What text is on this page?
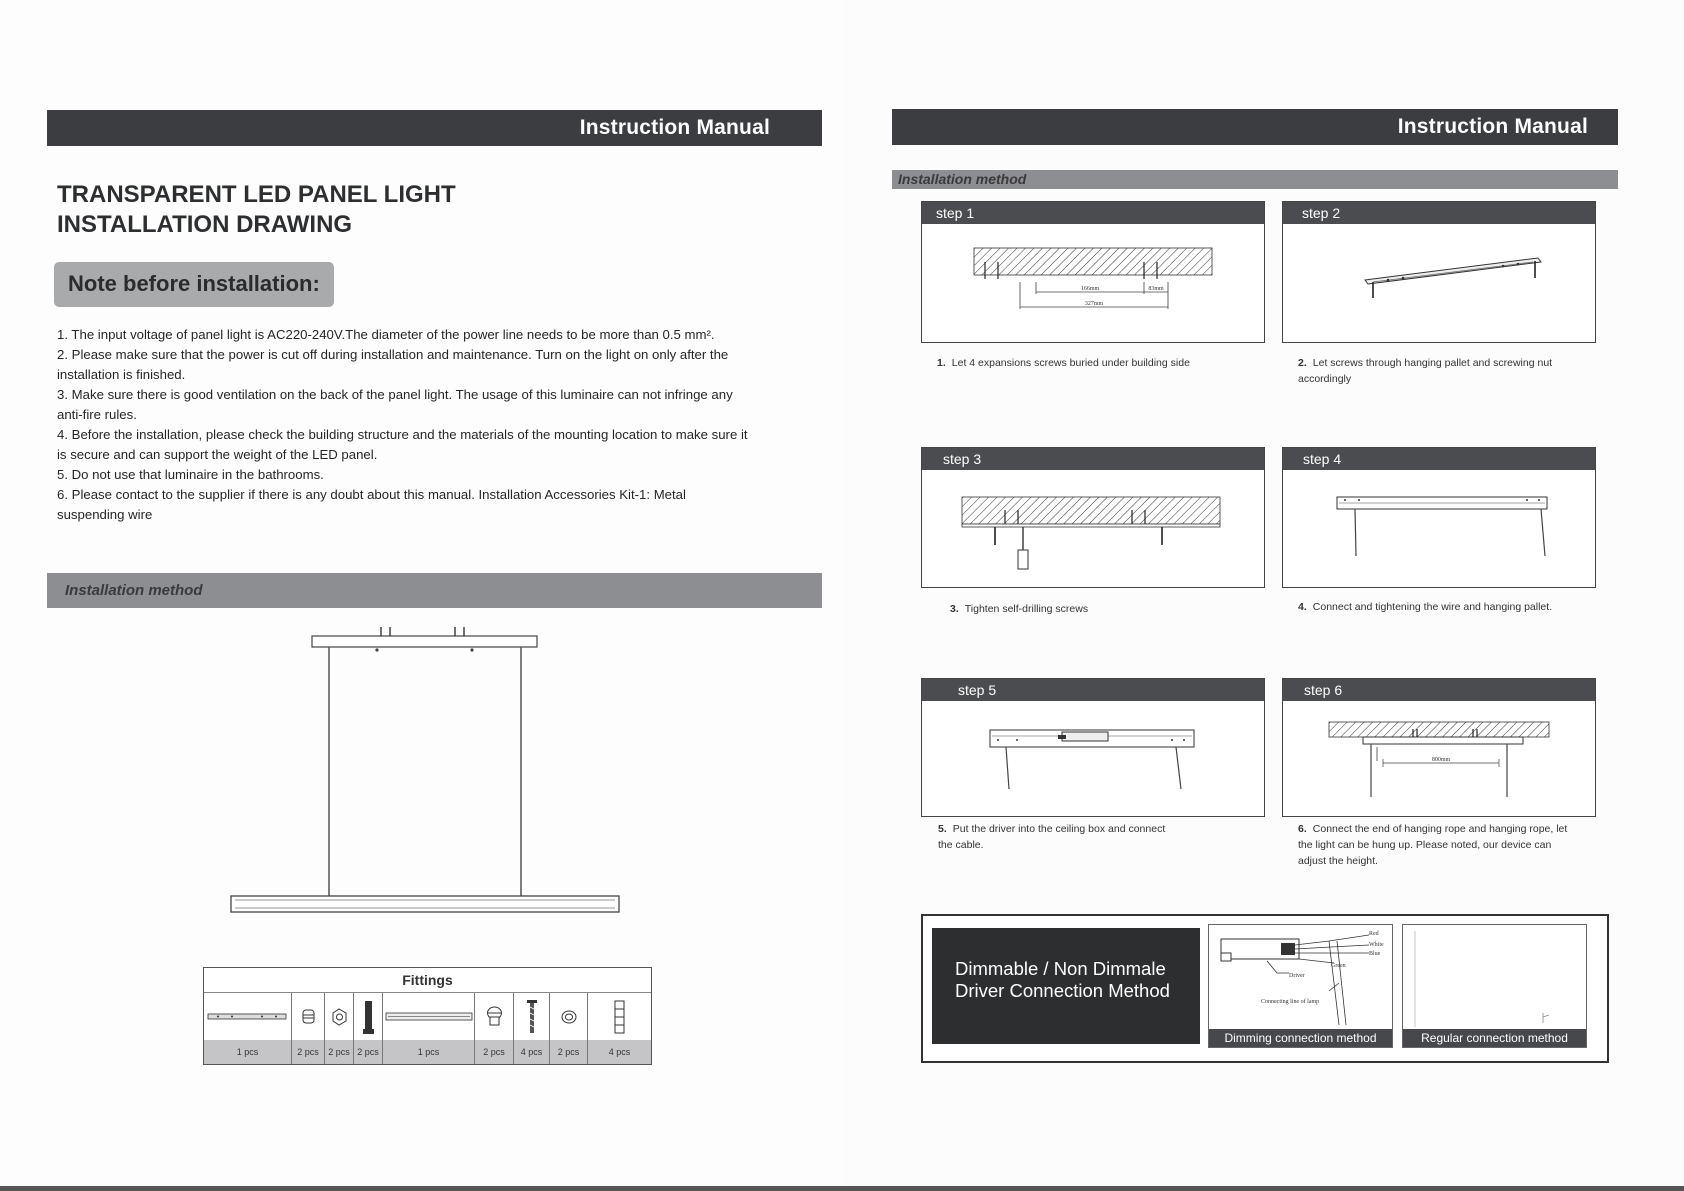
Instruction Manual
TRANSPARENT LED PANEL LIGHT
INSTALLATION DRAWING
Note before installation:
1. The input voltage of panel light is AC220-240V.The diameter of the power line needs to be more than 0.5 mm².
2. Please make sure that the power is cut off during installation and maintenance. Turn on the light on only after the installation is finished.
3. Make sure there is good ventilation on the back of the panel light. The usage of this luminaire can not infringe any anti-fire rules.
4. Before the installation, please check the building structure and the materials of the mounting location to make sure it is secure and can support the weight of the LED panel.
5. Do not use that luminaire in the bathrooms.
6. Please contact to the supplier if there is any doubt about this manual. Installation Accessories Kit-1: Metal suspending wire
Installation method
Fittings
1 pcs	2 pcs	2 pcs 2 pcs	1 pcs	2 pcs	4 pcs	2 pcs	4 pcs
Instruction Manual
Installation method
step 1
166mm	83mm
327mm
1. Let 4 expansions screws buried under building side
step 2
2. Let screws through hanging pallet and screwing nut accordingly
step 3
3. Tighten self-drilling screws
step 4
4. Connect and tightening the wire and hanging pallet.
step 5
5. Put the driver into the ceiling box and connect the cable.
step 6
800mm
6. Connect the end of hanging rope and hanging rope, let the light can be hung up. Please noted, our device can adjust the height.
Dimmable / Non Dimmale Driver Connection Method
Red
White
Blue
Green
Driver
Connecting line of lamp
Dimming connection method	Regular connection method
